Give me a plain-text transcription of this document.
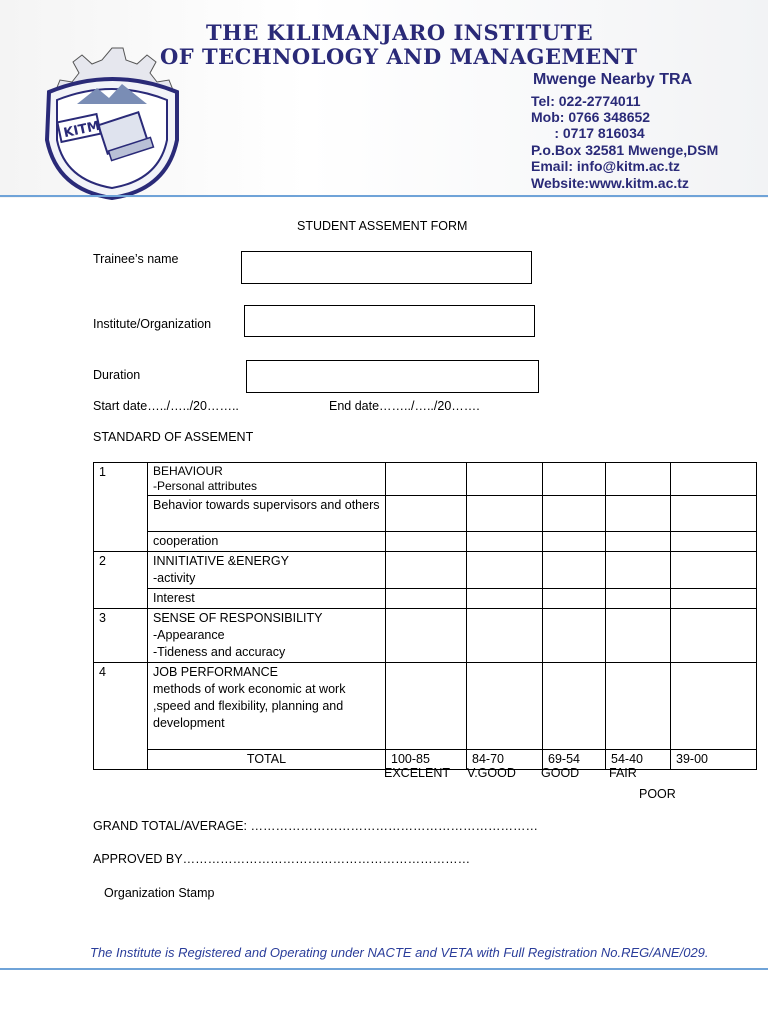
KITM
THE KILIMANJARO INSTITUTE
OF TECHNOLOGY AND MANAGEMENT
Mwenge Nearby TRA
Tel: 022-2774011
Mob: 0766 348652
: 0717 816034
P.o.Box 32581 Mwenge,DSM
Email: info@kitm.ac.tz
Website:www.kitm.ac.tz
STUDENT ASSEMENT FORM
Trainee’s name
Institute/Organization
Duration
Start date…../…../20……..	End date……../…../20…….
STANDARD OF ASSEMENT
1	BEHAVIOUR
-Personal attributes					
	Behavior towards supervisors and others					
	cooperation					
2	INNITIATIVE &ENERGY
-activity					
	Interest					
3	SENSE OF RESPONSIBILITY
-Appearance
-Tideness and accuracy					
4	JOB PERFORMANCE
methods of work economic at work ,speed and flexibility, planning and development					
	TOTAL	100-85	84-70	69-54	54-40	39-00
EXCELENT V.GOOD GOOD FAIR
POOR
GRAND TOTAL/AVERAGE: ……………………………………………………………
APPROVED BY……………………………………………………………
Organization Stamp
The Institute is Registered and Operating under NACTE and VETA with Full Registration No.REG/ANE/029.
